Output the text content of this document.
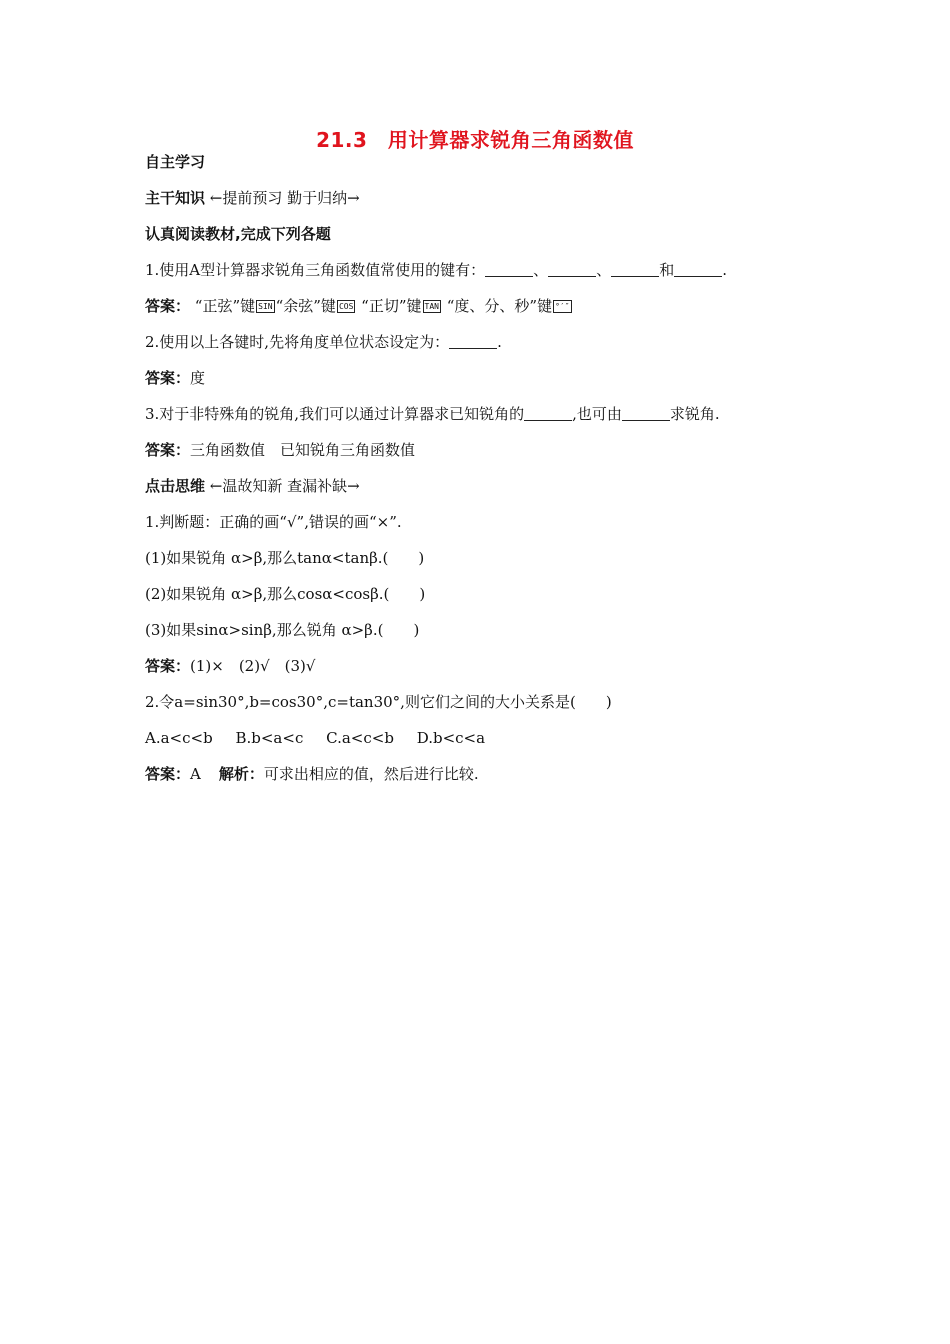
21.3　用计算器求锐角三角函数值
自主学习
主干知识 ←提前预习 勤于归纳→
认真阅读教材,完成下列各题
1.使用A型计算器求锐角三角函数值常使用的键有：	、	、	和	.
答案： “正弦”键 SIN “余弦”键 COS “正切”键 TAN “度、分、秒”键 °′″
2.使用以上各键时,先将角度单位状态设定为：	.
答案：度
3.对于非特殊角的锐角,我们可以通过计算器求已知锐角的	,也可由	求锐角.
答案：三角函数值　已知锐角三角函数值
点击思维 ←温故知新 查漏补缺→
1.判断题：正确的画“√”,错误的画“×”.
(1)如果锐角 α>β,那么tanα<tanβ.( )
(2)如果锐角 α>β,那么cosα<cosβ.( )
(3)如果sinα>sinβ,那么锐角 α>β.( )
答案：(1)×　(2)√　(3)√
2.令a=sin30°,b=cos30°,c=tan30°,则它们之间的大小关系是( )
A.a<c<b B.b<a<c C.a<c<b D.b<c<a
答案：A 解析：可求出相应的值，然后进行比较.
